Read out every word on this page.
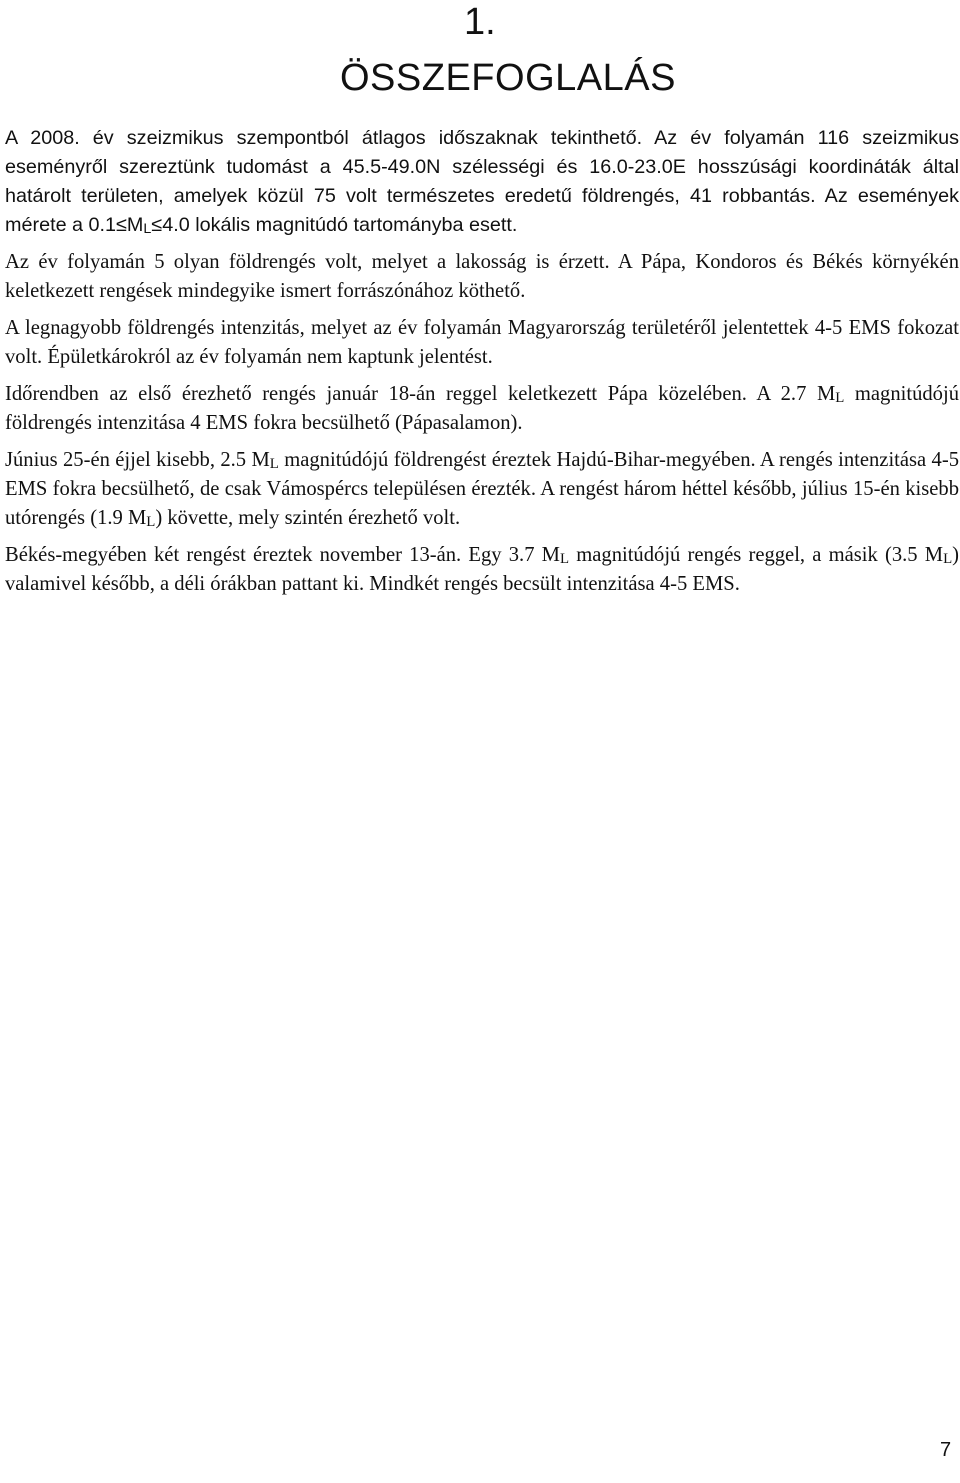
1.
ÖSSZEFOGLALÁS

A 2008. év szeizmikus szempontból átlagos időszaknak tekinthető. Az év folyamán 116 szeizmikus eseményről szereztünk tudomást a 45.5-49.0N szélességi és 16.0-23.0E hosszúsági koordináták által határolt területen, amelyek közül 75 volt természetes eredetű földrengés, 41 robbantás. Az események mérete a $0.1\le M_L\le 4.0$ lokális magnitúdó tartományba esett.

Az év folyamán 5 olyan földrengés volt, melyet a lakosság is érzett. A Pápa, Kondoros és Békés környékén keletkezett rengések mindegyike ismert forrászónához köthető.

A legnagyobb földrengés intenzitás, melyet az év folyamán Magyarország területéről jelentettek 4-5 EMS fokozat volt. Épületkárokról az év folyamán nem kaptunk jelentést.

Időrendben az első érezhető rengés január 18-án reggel keletkezett Pápa közelében. A 2.7 $M_L$ magnitúdójú földrengés intenzitása 4 EMS fokra becsülhető (Pápasalamon).

Június 25-én éjjel kisebb, 2.5 $M_L$ magnitúdójú földrengést éreztek Hajdú-Bihar-megyében. A rengés intenzitása 4-5 EMS fokra becsülhető, de csak Vámospércs településen érezték. A rengést három héttel később, július 15-én kisebb utórengés (1.9 $M_L$) követte, mely szintén érezhető volt.

Békés-megyében két rengést éreztek november 13-án. Egy 3.7 $M_L$ magnitúdójú rengés reggel, a másik (3.5 $M_L$) valamivel később, a déli órákban pattant ki. Mindkét rengés becsült intenzitása 4-5 EMS.

7
